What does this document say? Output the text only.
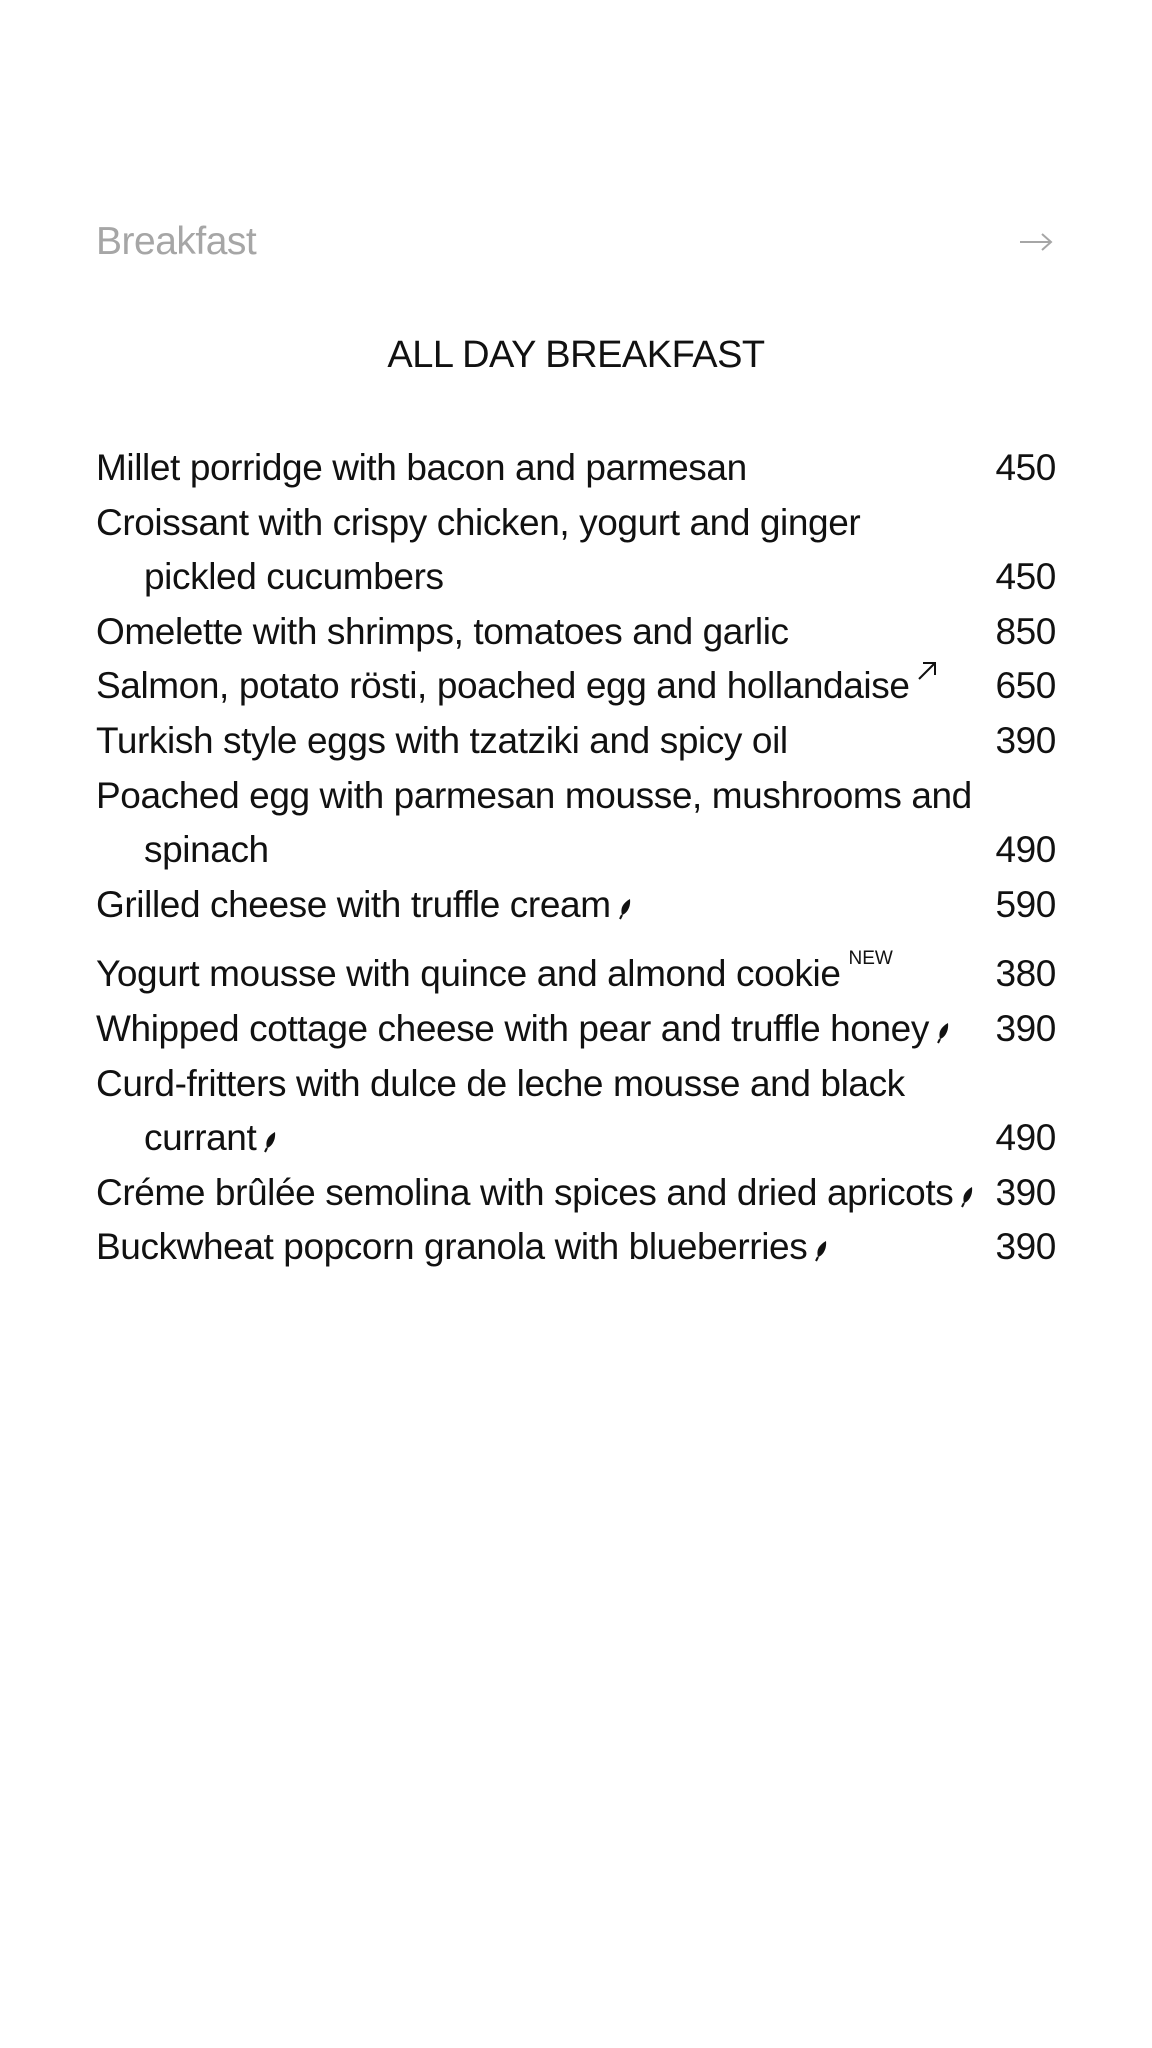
Breakfast
ALL DAY BREAKFAST
Millet porridge with bacon and parmesan	450
Croissant with crispy chicken, yogurt and ginger pickled cucumbers	450
Omelette with shrimps, tomatoes and garlic	850
Salmon, potato rösti, poached egg and hollandaise	650
Turkish style eggs with tzatziki and spicy oil	390
Poached egg with parmesan mousse, mushrooms and spinach	490
Grilled cheese with truffle cream	590
Yogurt mousse with quince and almond cookie $^{NEW}$	380
Whipped cottage cheese with pear and truffle honey	390
Curd-fritters with dulce de leche mousse and black currant	490
Créme brûlée semolina with spices and dried apricots	390
Buckwheat popcorn granola with blueberries	390
